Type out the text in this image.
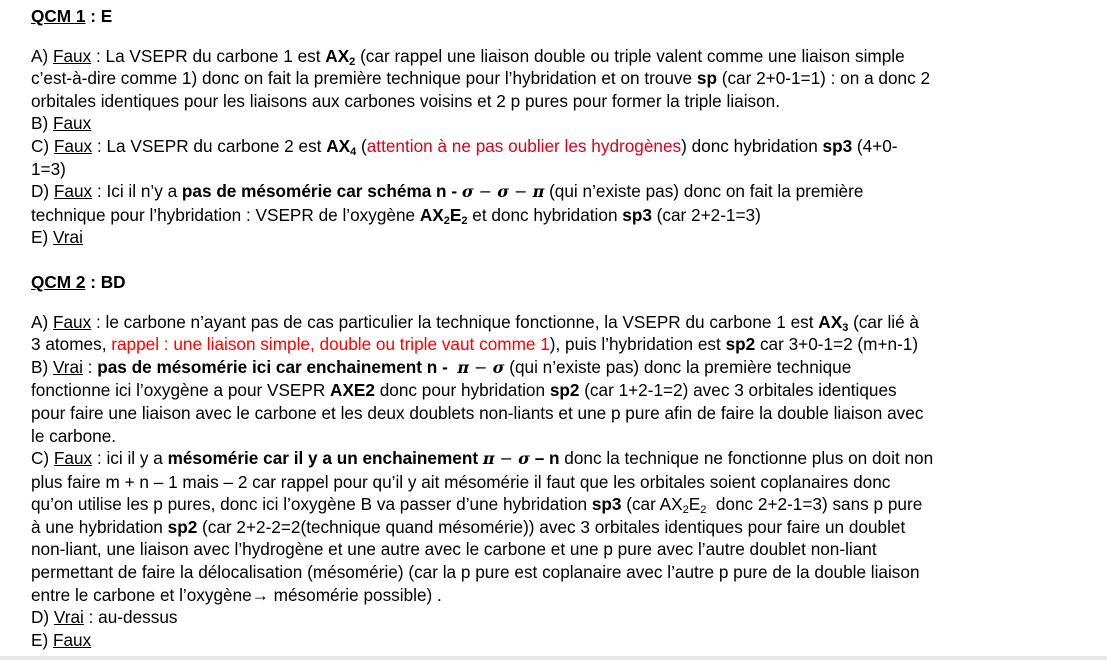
QCM 1 : E

A) Faux : La VSEPR du carbone 1 est $AX_2$ (car rappel une liaison double ou triple valent comme une liaison simple
c’est-à-dire comme 1) donc on fait la première technique pour l’hybridation et on trouve sp (car 2+0-1=1) : on a donc 2
orbitales identiques pour les liaisons aux carbones voisins et 2 p pures pour former la triple liaison.
B) Faux
C) Faux : La VSEPR du carbone 2 est $AX_4$ (attention à ne pas oublier les hydrogènes) donc hybridation sp3 (4+0-
1=3)
D) Faux : Ici il n’y a pas de mésomérie car schéma n - σ − σ − π (qui n’existe pas) donc on fait la première
technique pour l’hybridation : VSEPR de l’oxygène $AX_2E_2$ et donc hybridation sp3 (car 2+2-1=3)
E) Vrai

QCM 2 : BD

A) Faux : le carbone n’ayant pas de cas particulier la technique fonctionne, la VSEPR du carbone 1 est $AX_3$ (car lié à
3 atomes, rappel : une liaison simple, double ou triple vaut comme 1), puis l’hybridation est sp2 car 3+0-1=2 (m+n-1)
B) Vrai : pas de mésomérie ici car enchainement n -  π − σ (qui n’existe pas) donc la première technique
fonctionne ici l’oxygène a pour VSEPR AXE2 donc pour hybridation sp2 (car 1+2-1=2) avec 3 orbitales identiques
pour faire une liaison avec le carbone et les deux doublets non-liants et une p pure afin de faire la double liaison avec
le carbone.
C) Faux : ici il y a mésomérie car il y a un enchainement π − σ – n donc la technique ne fonctionne plus on doit non
plus faire m + n – 1 mais – 2 car rappel pour qu’il y ait mésomérie il faut que les orbitales soient coplanaires donc
qu’on utilise les p pures, donc ici l’oxygène B va passer d’une hybridation sp3 (car $AX_2E_2$  donc 2+2-1=3) sans p pure
à une hybridation sp2 (car 2+2-2=2(technique quand mésomérie)) avec 3 orbitales identiques pour faire un doublet
non-liant, une liaison avec l’hydrogène et une autre avec le carbone et une p pure avec l’autre doublet non-liant
permettant de faire la délocalisation (mésomérie) (car la p pure est coplanaire avec l’autre p pure de la double liaison
entre le carbone et l’oxygène→ mésomérie possible) .
D) Vrai : au-dessus
E) Faux
